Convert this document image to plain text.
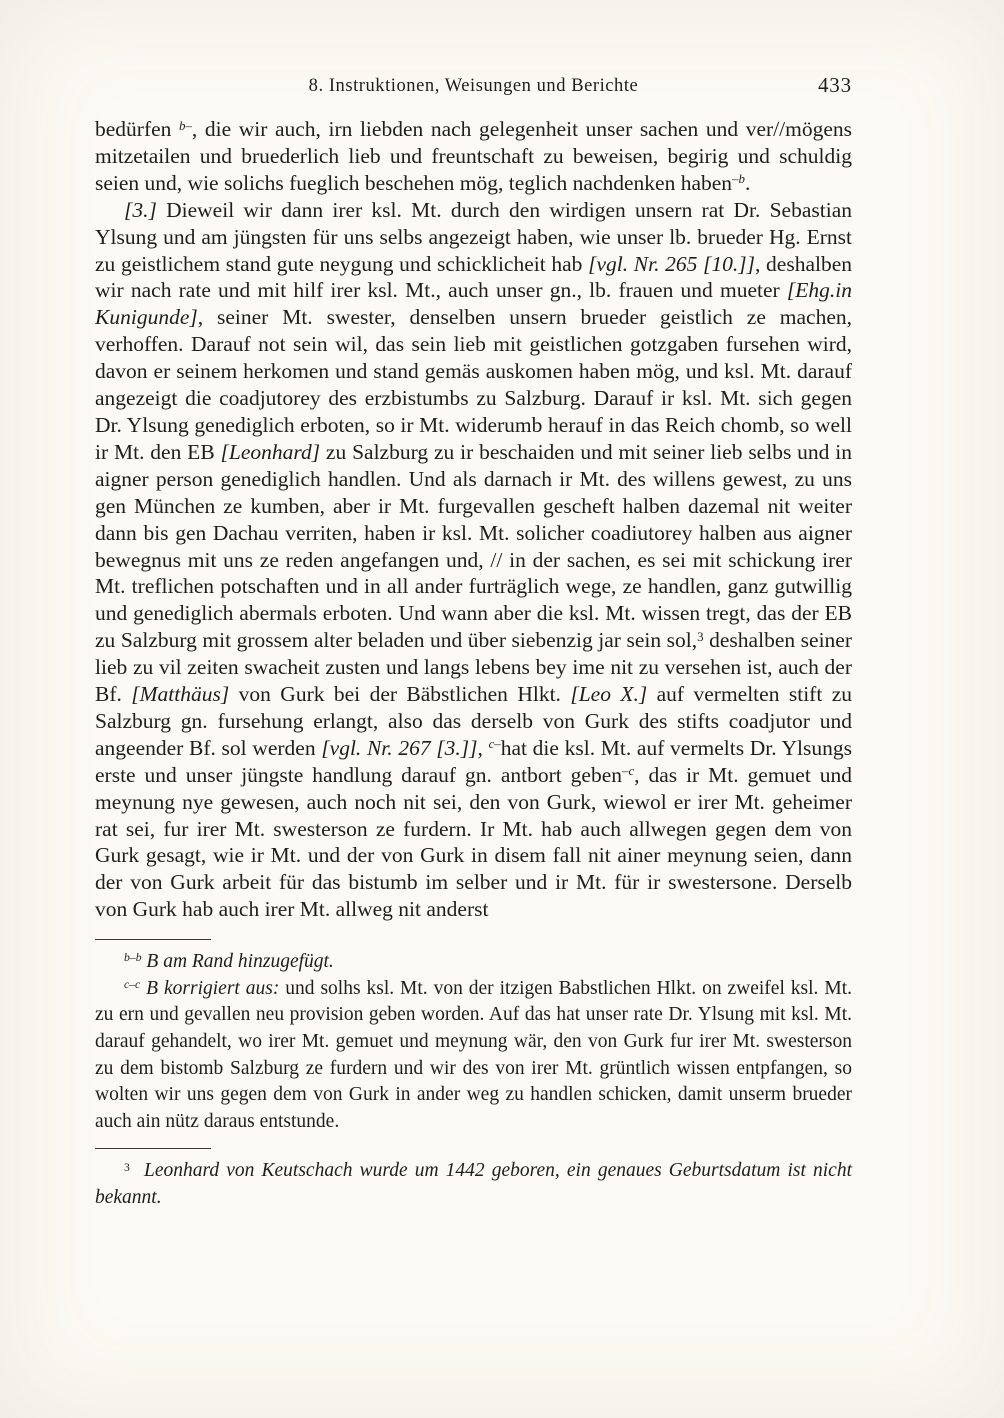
8. Instruktionen, Weisungen und Berichte	433

bedürfen $^{b-}$, die wir auch, irn liebden nach gelegenheit unser sachen und ver//mögens mitzetailen und bruederlich lieb und freuntschaft zu beweisen, begirig und schuldig seien und, wie solichs fueglich beschehen mög, teglich nachdenken haben$^{-b}$.

[3.] Dieweil wir dann irer ksl. Mt. durch den wirdigen unsern rat Dr. Sebastian Ylsung und am jüngsten für uns selbs angezeigt haben, wie unser lb. brueder Hg. Ernst zu geistlichem stand gute neygung und schicklicheit hab [vgl. Nr. 265 [10.]], deshalben wir nach rate und mit hilf irer ksl. Mt., auch unser gn., lb. frauen und mueter [Ehg.in Kunigunde], seiner Mt. swester, denselben unsern brueder geistlich ze machen, verhoffen. Darauf not sein wil, das sein lieb mit geistlichen gotzgaben fursehen wird, davon er seinem herkomen und stand gemäs auskomen haben mög, und ksl. Mt. darauf angezeigt die coadjutorey des erzbistumbs zu Salzburg. Darauf ir ksl. Mt. sich gegen Dr. Ylsung genediglich erboten, so ir Mt. widerumb herauf in das Reich chomb, so well ir Mt. den EB [Leonhard] zu Salzburg zu ir beschaiden und mit seiner lieb selbs und in aigner person genediglich handlen. Und als darnach ir Mt. des willens gewest, zu uns gen München ze kumben, aber ir Mt. furgevallen gescheft halben dazemal nit weiter dann bis gen Dachau verriten, haben ir ksl. Mt. solicher coadiutorey halben aus aigner bewegnus mit uns ze reden angefangen und, // in der sachen, es sei mit schickung irer Mt. treflichen potschaften und in all ander furträglich wege, ze handlen, ganz gutwillig und genediglich abermals erboten. Und wann aber die ksl. Mt. wissen tregt, das der EB zu Salzburg mit grossem alter beladen und über siebenzig jar sein sol,$^3$ deshalben seiner lieb zu vil zeiten swacheit zusten und langs lebens bey ime nit zu versehen ist, auch der Bf. [Matthäus] von Gurk bei der Bäbstlichen Hlkt. [Leo X.] auf vermelten stift zu Salzburg gn. fursehung erlangt, also das derselb von Gurk des stifts coadjutor und angeender Bf. sol werden [vgl. Nr. 267 [3.]], $^{c-}$hat die ksl. Mt. auf vermelts Dr. Ylsungs erste und unser jüngste handlung darauf gn. antbort geben$^{-c}$, das ir Mt. gemuet und meynung nye gewesen, auch noch nit sei, den von Gurk, wiewol er irer Mt. geheimer rat sei, fur irer Mt. swesterson ze furdern. Ir Mt. hab auch allwegen gegen dem von Gurk gesagt, wie ir Mt. und der von Gurk in disem fall nit ainer meynung seien, dann der von Gurk arbeit für das bistumb im selber und ir Mt. für ir swestersone. Derselb von Gurk hab auch irer Mt. allweg nit anderst

$^{b-b}$ B am Rand hinzugefügt.

$^{c-c}$ B korrigiert aus: und solhs ksl. Mt. von der itzigen Babstlichen Hlkt. on zweifel ksl. Mt. zu ern und gevallen neu provision geben worden. Auf das hat unser rate Dr. Ylsung mit ksl. Mt. darauf gehandelt, wo irer Mt. gemuet und meynung wär, den von Gurk fur irer Mt. swesterson zu dem bistomb Salzburg ze furdern und wir des von irer Mt. grüntlich wissen entpfangen, so wolten wir uns gegen dem von Gurk in ander weg zu handlen schicken, damit unserm brueder auch ain nütz daraus entstunde.

$^3$ Leonhard von Keutschach wurde um 1442 geboren, ein genaues Geburtsdatum ist nicht bekannt.
